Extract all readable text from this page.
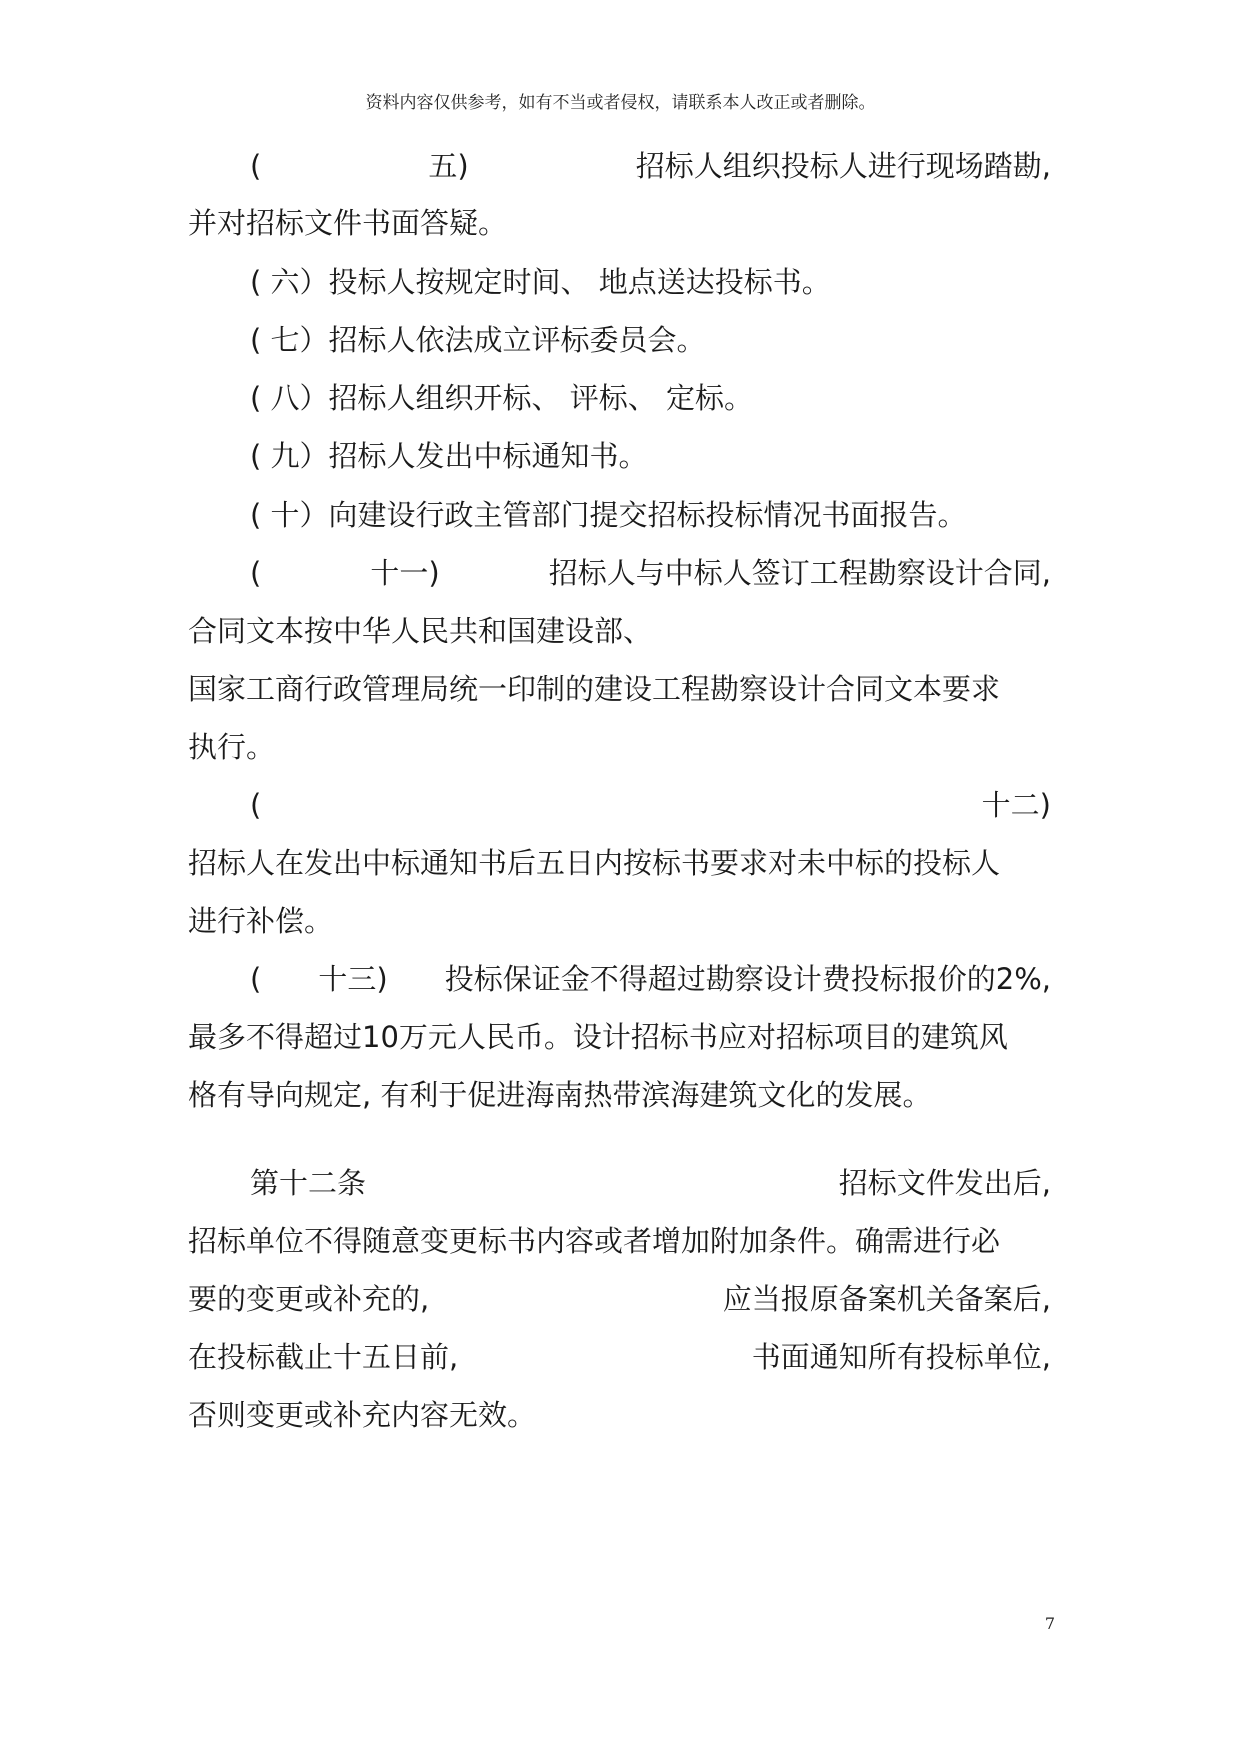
资料内容仅供参考，如有不当或者侵权，请联系本人改正或者删除。
(	五)	招标人组织投标人进行现场踏勘,
并对招标文件书面答疑。
( 六）投标人按规定时间、 地点送达投标书。
( 七）招标人依法成立评标委员会。
( 八）招标人组织开标、 评标、 定标。
( 九）招标人发出中标通知书。
( 十）向建设行政主管部门提交招标投标情况书面报告。
(	十一)	招标人与中标人签订工程勘察设计合同,
合同文本按中华人民共和国建设部、
国家工商行政管理局统一印制的建设工程勘察设计合同文本要求
执行。
(	十二)
招标人在发出中标通知书后五日内按标书要求对未中标的投标人
进行补偿。
( 十三) 投标保证金不得超过勘察设计费投标报价的2%,
最多不得超过10万元人民币。设计招标书应对招标项目的建筑风
格有导向规定, 有利于促进海南热带滨海建筑文化的发展。
第十二条	招标文件发出后,
招标单位不得随意变更标书内容或者增加附加条件。确需进行必
要的变更或补充的,	应当报原备案机关备案后,
在投标截止十五日前,	书面通知所有投标单位,
否则变更或补充内容无效。
7
